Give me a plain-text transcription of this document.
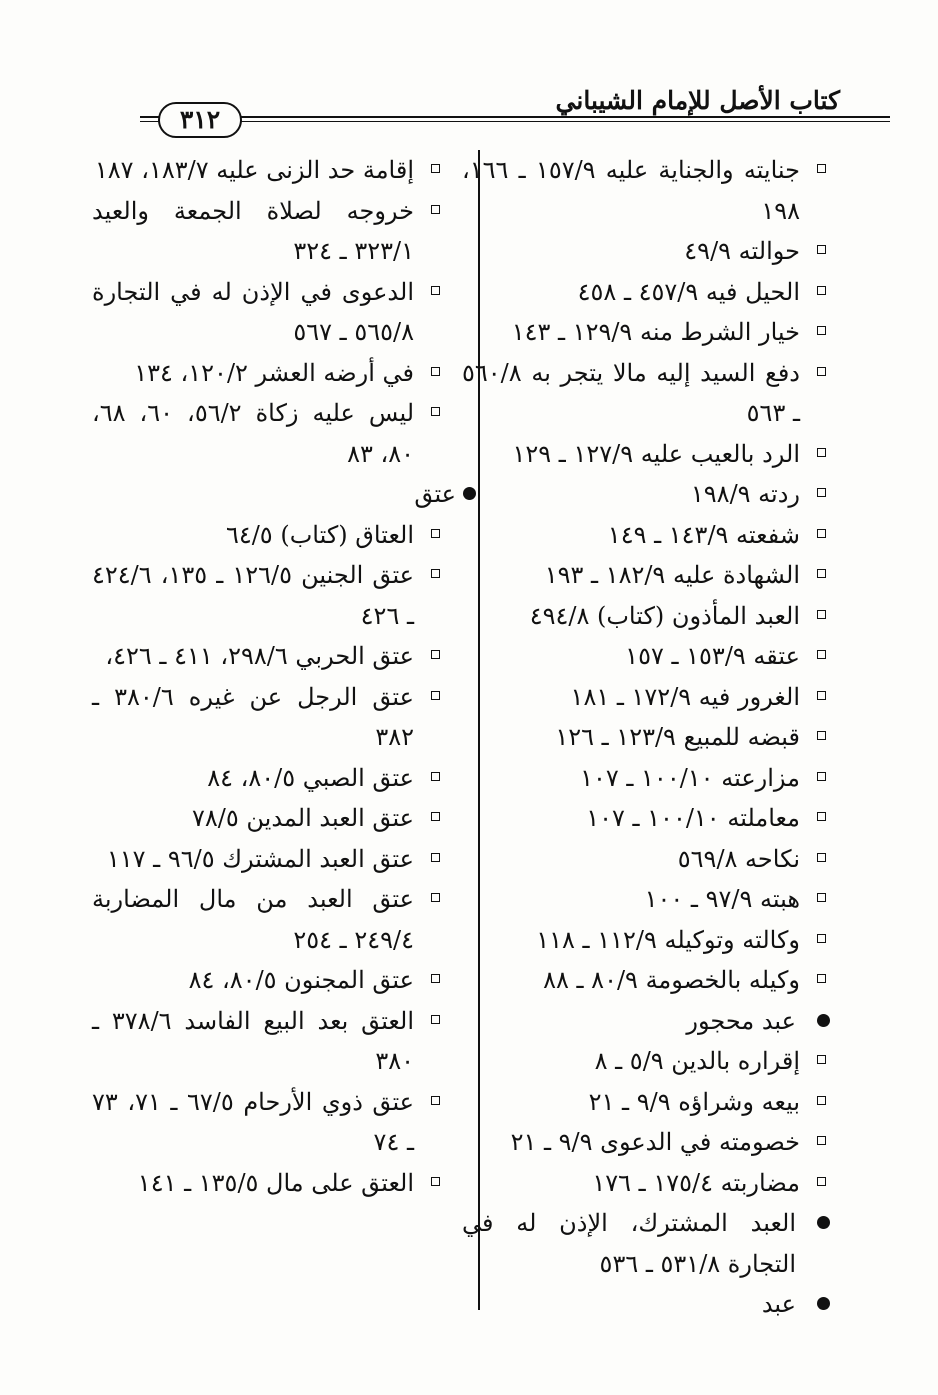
٣١٢
كتاب الأصل للإمام الشيباني
جنايته والجناية عليه ١٥٧/٩ ـ ١٦٦، ١٩٨
حوالته ٤٩/٩
الحيل فيه ٤٥٧/٩ ـ ٤٥٨
خيار الشرط منه ١٢٩/٩ ـ ١٤٣
دفع السيد إليه مالا يتجر به ٥٦٠/٨ ـ ٥٦٣
الرد بالعيب عليه ١٢٧/٩ ـ ١٢٩
ردته ١٩٨/٩
شفعته ١٤٣/٩ ـ ١٤٩
الشهادة عليه ١٨٢/٩ ـ ١٩٣
العبد المأذون (كتاب) ٤٩٤/٨
عتقه ١٥٣/٩ ـ ١٥٧
الغرور فيه ١٧٢/٩ ـ ١٨١
قبضه للمبيع ١٢٣/٩ ـ ١٢٦
مزارعته ١٠٠/١٠ ـ ١٠٧
معاملته ١٠٠/١٠ ـ ١٠٧
نكاحه ٥٦٩/٨
هبته ٩٧/٩ ـ ١٠٠
وكالته وتوكيله ١١٢/٩ ـ ١١٨
وكيله بالخصومة ٨٠/٩ ـ ٨٨
عبد محجور
إقراره بالدين ٥/٩ ـ ٨
بيعه وشراؤه ٩/٩ ـ ٢١
خصومته في الدعوى ٩/٩ ـ ٢١
مضاربته ١٧٥/٤ ـ ١٧٦
العبد المشترك، الإذن له في التجارة ٥٣١/٨ ـ ٥٣٦
عبد
إقامة حد الزنى عليه ١٨٣/٧، ١٨٧
خروجه لصلاة الجمعة والعيد ٣٢٣/١ ـ ٣٢٤
الدعوى في الإذن له في التجارة ٥٦٥/٨ ـ ٥٦٧
في أرضه العشر ١٢٠/٢، ١٣٤
ليس عليه زكاة ٥٦/٢، ٦٠، ٦٨، ٨٠، ٨٣
عتق
العتاق (كتاب) ٦٤/٥
عتق الجنين ١٢٦/٥ ـ ١٣٥، ٤٢٤/٦ ـ ٤٢٦
عتق الحربي ٢٩٨/٦، ٤١١ ـ ٤٢٦،
عتق الرجل عن غيره ٣٨٠/٦ ـ ٣٨٢
عتق الصبي ٨٠/٥، ٨٤
عتق العبد المدين ٧٨/٥
عتق العبد المشترك ٩٦/٥ ـ ١١٧
عتق العبد من مال المضاربة ٢٤٩/٤ ـ ٢٥٤
عتق المجنون ٨٠/٥، ٨٤
العتق بعد البيع الفاسد ٣٧٨/٦ ـ ٣٨٠
عتق ذوي الأرحام ٦٧/٥ ـ ٧١، ٧٣ ـ ٧٤
العتق على مال ١٣٥/٥ ـ ١٤١
